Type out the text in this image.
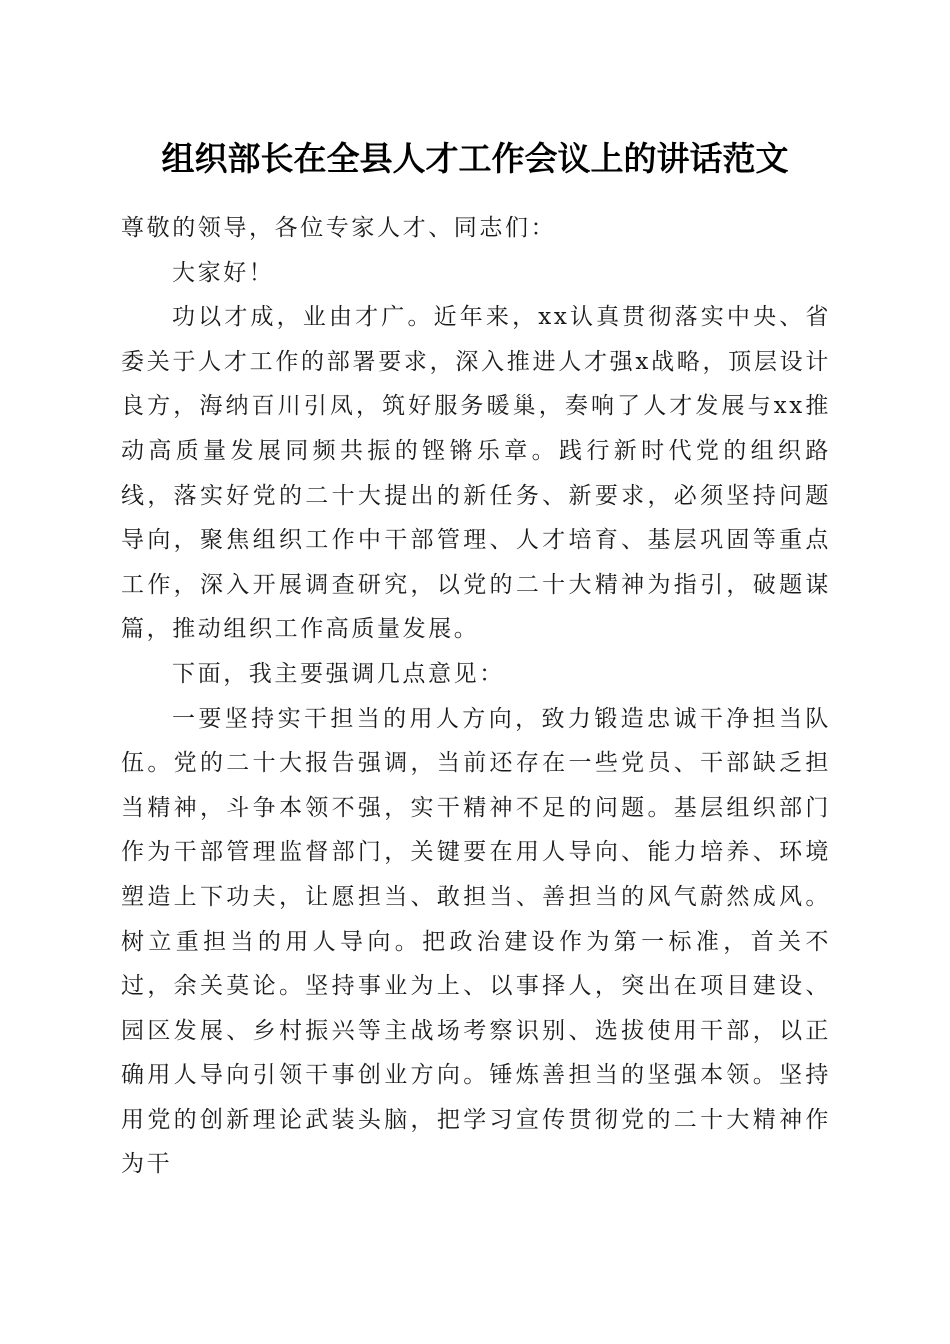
组织部长在全县人才工作会议上的讲话范文

尊敬的领导，各位专家人才、同志们：

大家好！

功以才成，业由才广。近年来，xx认真贯彻落实中央、省委关于人才工作的部署要求，深入推进人才强x战略，顶层设计良方，海纳百川引凤，筑好服务暖巢，奏响了人才发展与xx推动高质量发展同频共振的铿锵乐章。践行新时代党的组织路线，落实好党的二十大提出的新任务、新要求，必须坚持问题导向，聚焦组织工作中干部管理、人才培育、基层巩固等重点工作，深入开展调查研究，以党的二十大精神为指引，破题谋篇，推动组织工作高质量发展。

下面，我主要强调几点意见：

一要坚持实干担当的用人方向，致力锻造忠诚干净担当队伍。党的二十大报告强调，当前还存在一些党员、干部缺乏担当精神，斗争本领不强，实干精神不足的问题。基层组织部门作为干部管理监督部门，关键要在用人导向、能力培养、环境塑造上下功夫，让愿担当、敢担当、善担当的风气蔚然成风。树立重担当的用人导向。把政治建设作为第一标准，首关不过，余关莫论。坚持事业为上、以事择人，突出在项目建设、园区发展、乡村振兴等主战场考察识别、选拔使用干部，以正确用人导向引领干事创业方向。锤炼善担当的坚强本领。坚持用党的创新理论武装头脑，把学习宣传贯彻党的二十大精神作为干
